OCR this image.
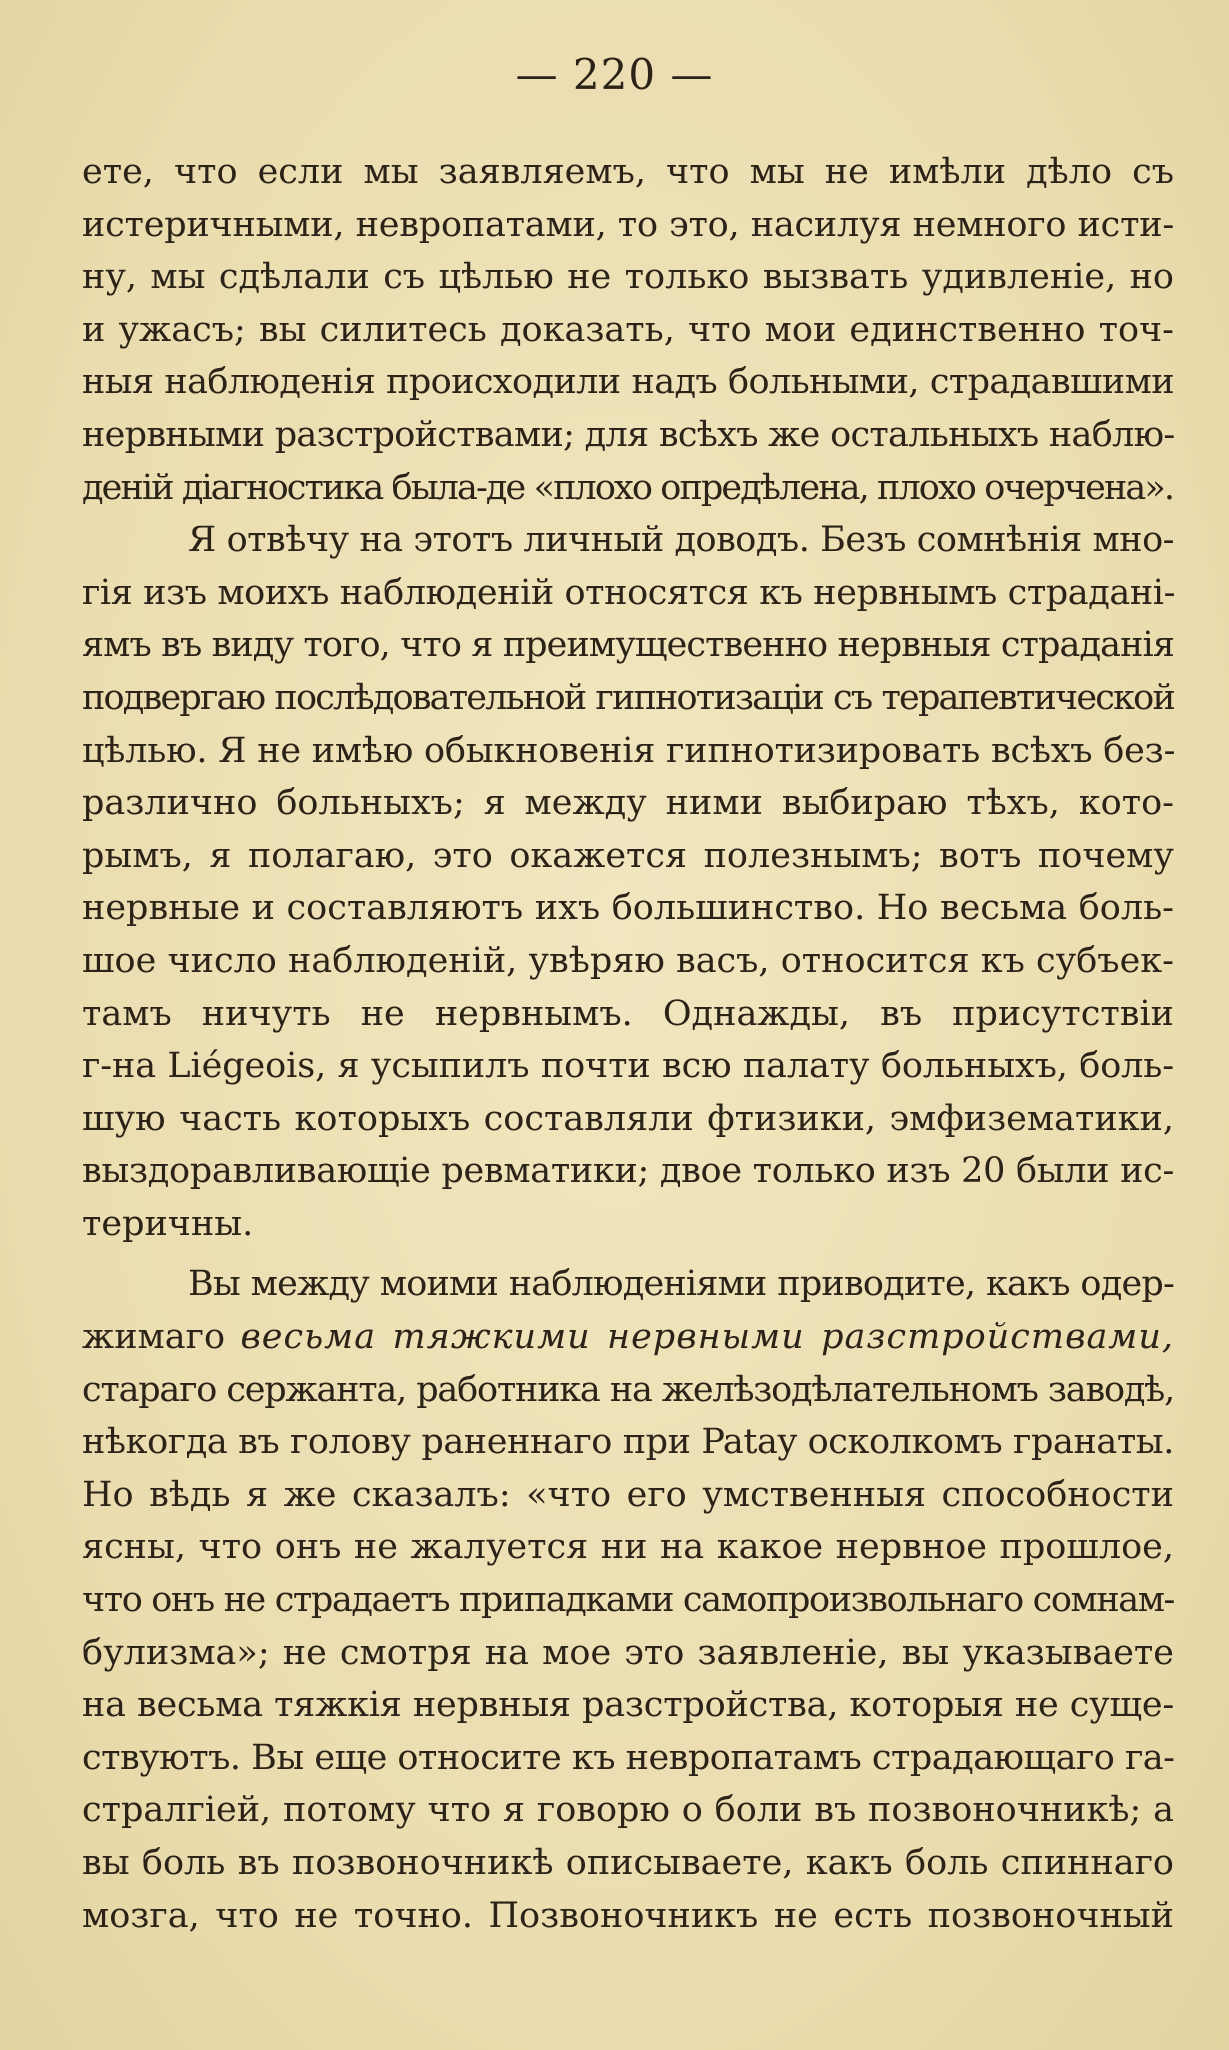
— 220 —
ете, что если мы заявляемъ, что мы не имѣли дѣло съ
истеричными, невропатами, то это, насилуя немного исти-
ну, мы сдѣлали съ цѣлью не только вызвать удивленіе, но
и ужасъ; вы силитесь доказать, что мои единственно точ-
ныя наблюденія происходили надъ больными, страдавшими
нервными разстройствами; для всѣхъ же остальныхъ наблю-
деній діагностика была-де «плохо опредѣлена, плохо очерчена».
Я отвѣчу на этотъ личный доводъ. Безъ сомнѣнія мно-
гія изъ моихъ наблюденій относятся къ нервнымъ страдані-
ямъ въ виду того, что я преимущественно нервныя страданія
подвергаю послѣдовательной гипнотизаціи съ терапевтической
цѣлью. Я не имѣю обыкновенія гипнотизировать всѣхъ без-
различно больныхъ; я между ними выбираю тѣхъ, кото-
рымъ, я полагаю, это окажется полезнымъ; вотъ почему
нервные и составляютъ ихъ большинство. Но весьма боль-
шое число наблюденій, увѣряю васъ, относится къ субъек-
тамъ ничуть не нервнымъ. Однажды, въ присутствіи
г-на Liégeois, я усыпилъ почти всю палату больныхъ, боль-
шую часть которыхъ составляли фтизики, эмфизематики,
выздоравливающіе ревматики; двое только изъ 20 были ис-
теричны.
Вы между моими наблюденіями приводите, какъ одер-
жимаго весьма тяжкими нервными разстройствами,
стараго сержанта, работника на желѣзодѣлательномъ заводѣ,
нѣкогда въ голову раненнаго при Patay осколкомъ гранаты.
Но вѣдь я же сказалъ: «что его умственныя способности
ясны, что онъ не жалуется ни на какое нервное прошлое,
что онъ не страдаетъ припадками самопроизвольнаго сомнам-
булизма»; не смотря на мое это заявленіе, вы указываете
на весьма тяжкія нервныя разстройства, которыя не суще-
ствуютъ. Вы еще относите къ невропатамъ страдающаго га-
стралгіей, потому что я говорю о боли въ позвоночникѣ; а
вы боль въ позвоночникѣ описываете, какъ боль спиннаго
мозга, что не точно. Позвоночникъ не есть позвоночный
